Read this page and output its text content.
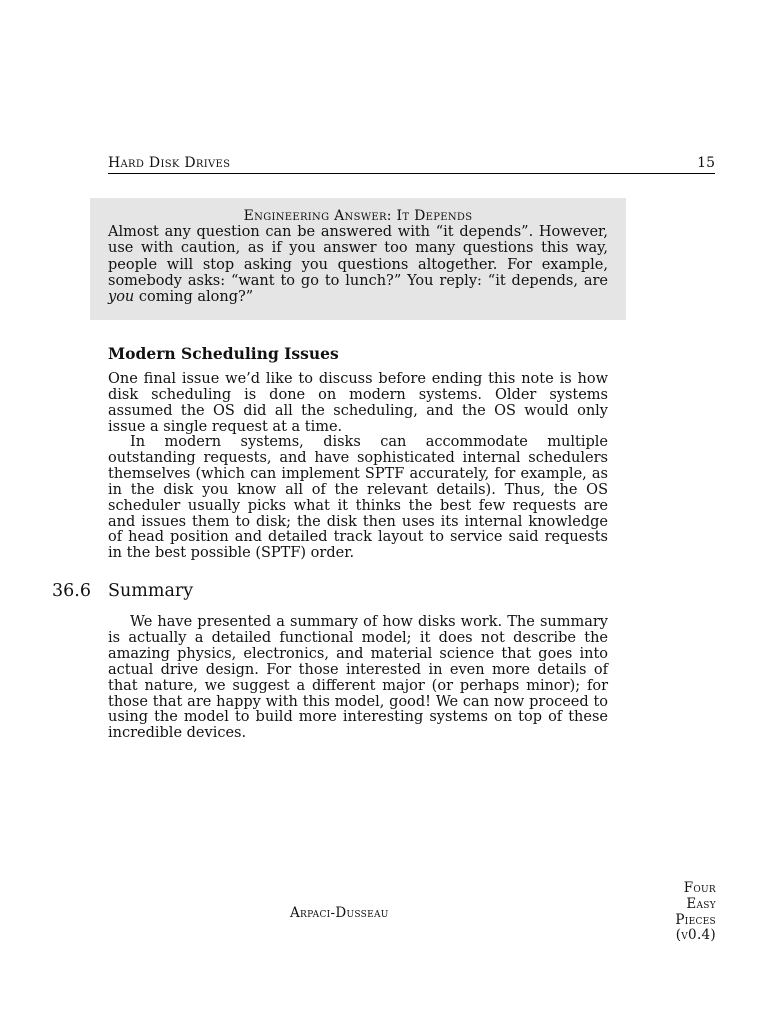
Hard Disk Drives	15
Engineering Answer: It Depends
Almost any question can be answered with “it depends”. However, use with caution, as if you answer too many questions this way, people will stop asking you questions altogether. For example, somebody asks: “want to go to lunch?” You reply: “it depends, are you coming along?”
Modern Scheduling Issues

One final issue we’d like to discuss before ending this note is how disk scheduling is done on modern systems. Older systems assumed the OS did all the scheduling, and the OS would only issue a single request at a time.

In modern systems, disks can accommodate multiple outstanding requests, and have sophisticated internal schedulers themselves (which can implement SPTF accurately, for example, as in the disk you know all of the relevant details). Thus, the OS scheduler usually picks what it thinks the best few requests are and issues them to disk; the disk then uses its internal knowledge of head position and detailed track layout to service said requests in the best possible (SPTF) order.

36.6 Summary

We have presented a summary of how disks work. The summary is actually a detailed functional model; it does not describe the amazing physics, electronics, and material science that goes into actual drive design. For those interested in even more details of that nature, we suggest a different major (or perhaps minor); for those that are happy with this model, good! We can now proceed to using the model to build more interesting systems on top of these incredible devices.

Arpaci-Dusseau
Four
Easy
Pieces
(v0.4)
